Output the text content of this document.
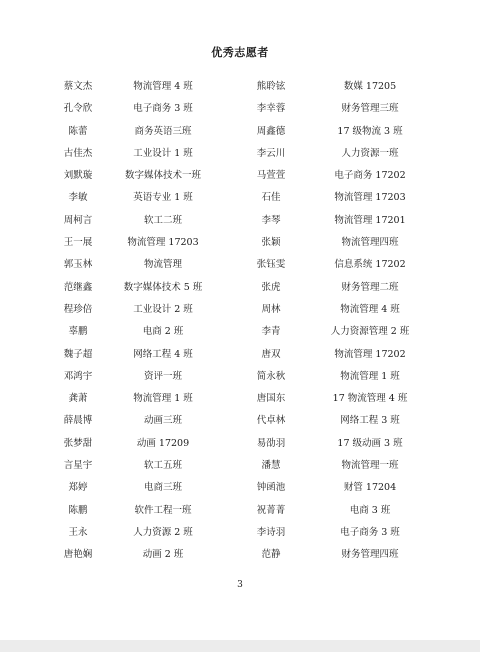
优秀志愿者
蔡文杰	物流管理 4 班	熊聆铉	数媒 17205
孔令欣	电子商务 3 班	李幸蓉	财务管理三班
陈蕾	商务英语三班	周鑫德	17 级物流 3 班
古佳杰	工业设计 1 班	李云川	人力资源一班
刘默璇	数字媒体技术一班	马萱萱	电子商务 17202
李敏	英语专业 1 班	石佳	物流管理 17203
周柯言	软工二班	李琴	物流管理 17201
王一展	物流管理 17203	张颖	物流管理四班
郭玉林	物流管理	张钰雯	信息系统 17202
范继鑫	数字媒体技术 5 班	张虎	财务管理二班
程珍倍	工业设计 2 班	周林	物流管理 4 班
辜鹏	电商 2 班	李青	人力资源管理 2 班
魏子超	网络工程 4 班	唐双	物流管理 17202
邓鸿宇	资评一班	简永秋	物流管理 1 班
龚萧	物流管理 1 班	唐国东	17 物流管理 4 班
薛晨博	动画三班	代卓林	网络工程 3 班
张梦甜	动画 17209	易劭羽	17 级动画 3 班
言星宇	软工五班	潘慧	物流管理一班
郑婷	电商三班	钟函池	财管 17204
陈鹏	软件工程一班	祝菁菁	电商 3 班
王永	人力资源 2 班	李诗羽	电子商务 3 班
唐艳娴	动画 2 班	范静	财务管理四班
3
